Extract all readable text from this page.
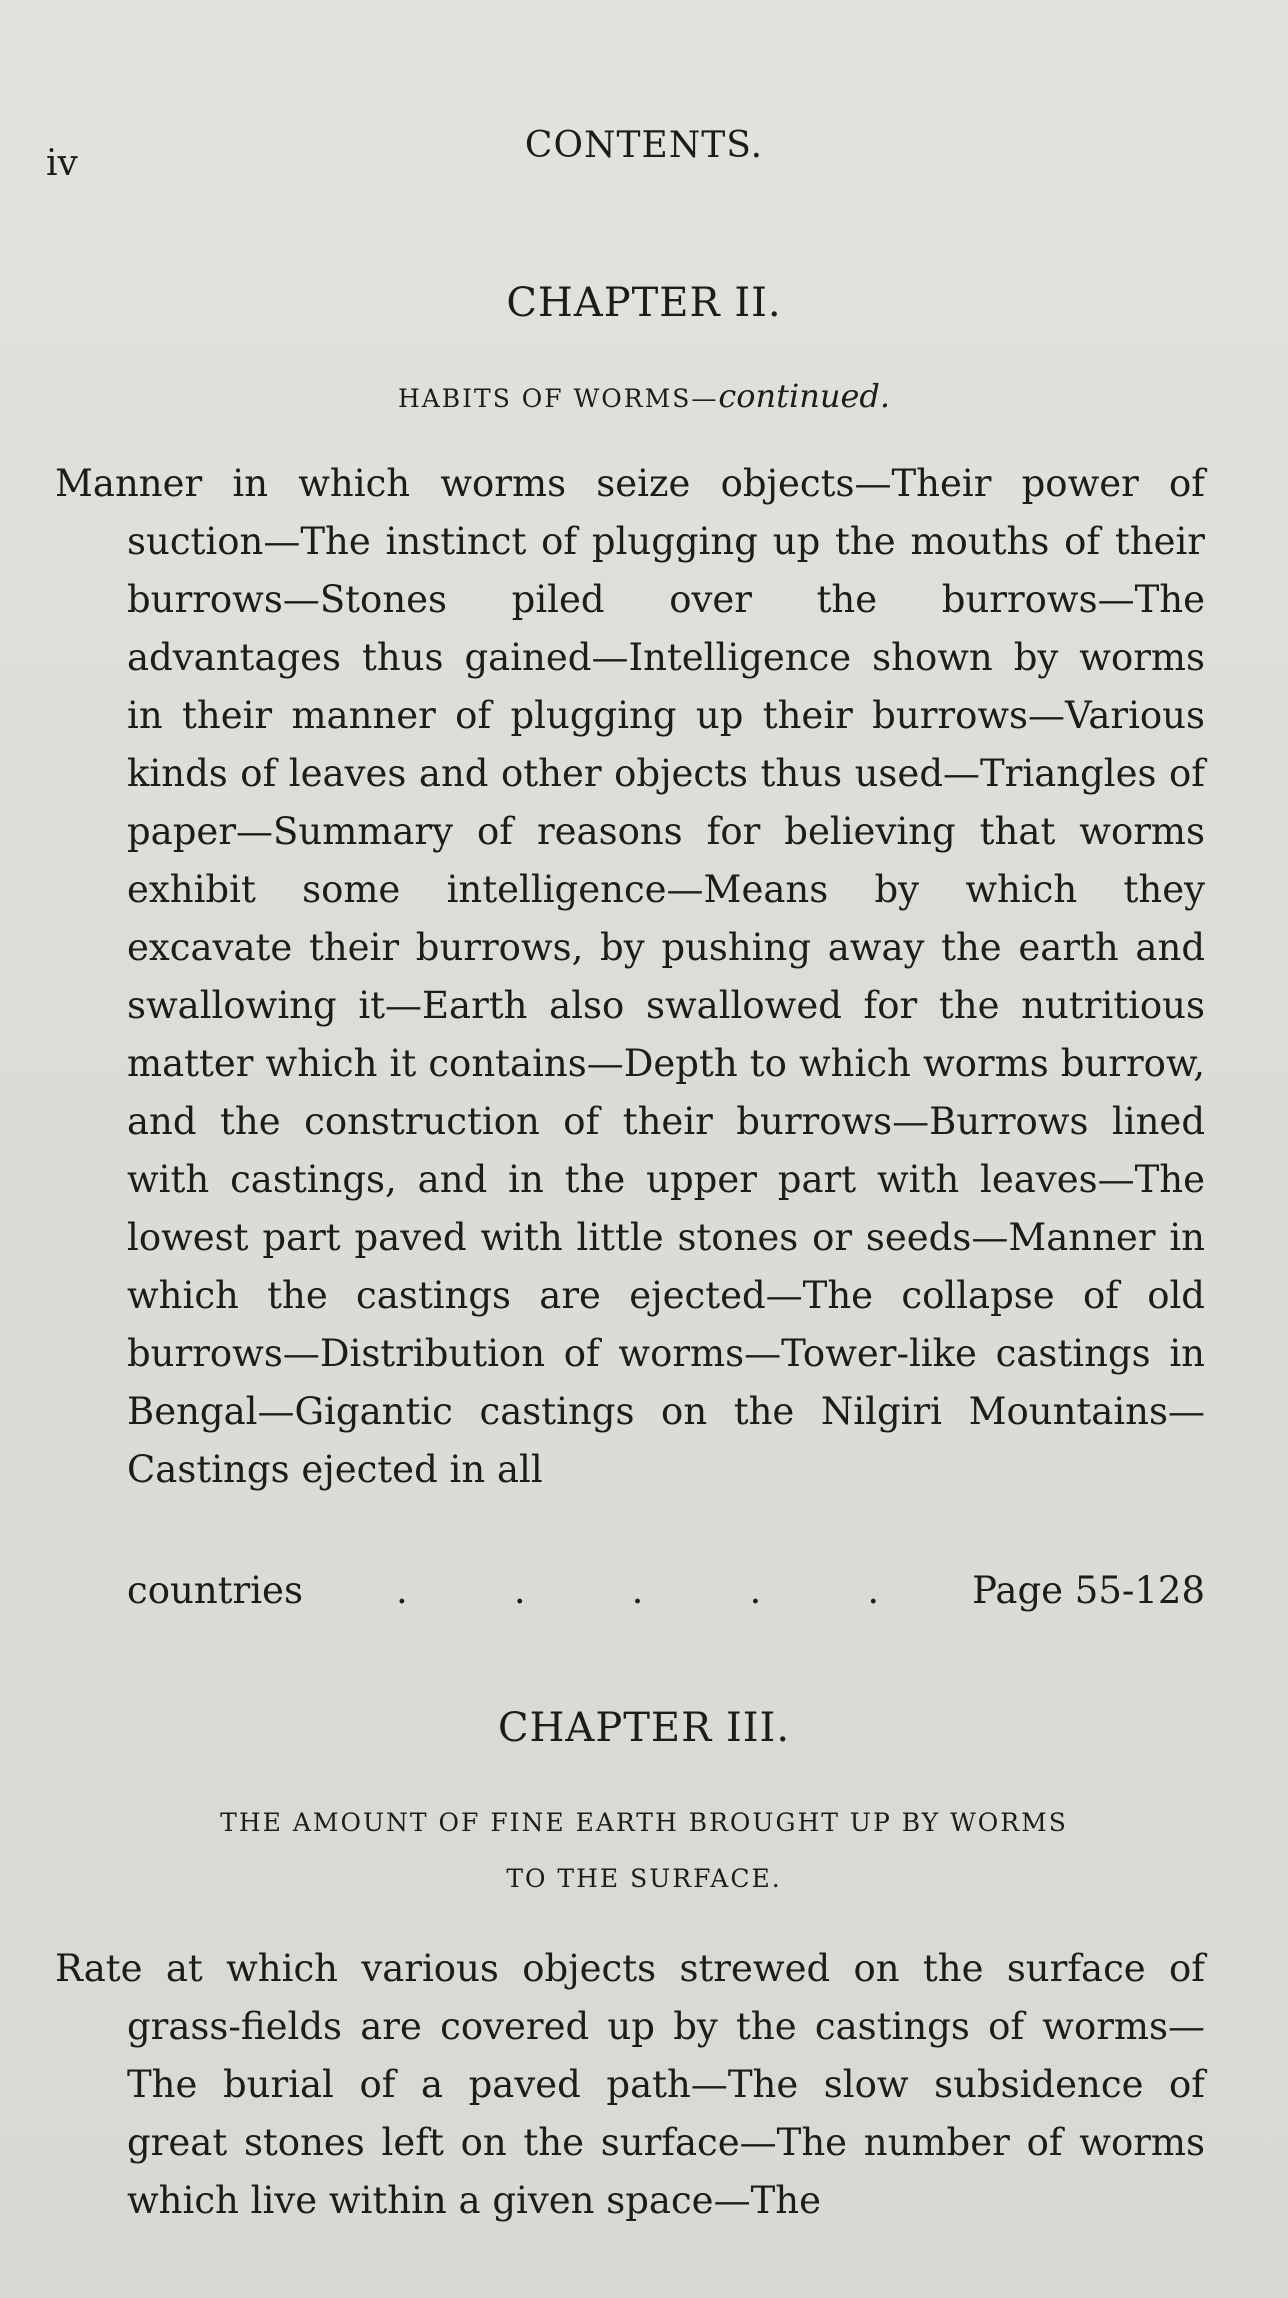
iv	CONTENTS.
CHAPTER II.
HABITS OF WORMS—continued.
Manner in which worms seize objects—Their power of suction—The instinct of plugging up the mouths of their burrows—Stones piled over the burrows—The advantages thus gained—Intelligence shown by worms in their manner of plugging up their burrows—Various kinds of leaves and other objects thus used—Triangles of paper—Summary of reasons for believing that worms exhibit some intelligence—Means by which they excavate their burrows, by pushing away the earth and swallowing it—Earth also swallowed for the nutritious matter which it contains—Depth to which worms burrow, and the construction of their burrows—Burrows lined with castings, and in the upper part with leaves—The lowest part paved with little stones or seeds—Manner in which the castings are ejected—The collapse of old burrows—Distribution of worms—Tower-like castings in Bengal—Gigantic castings on the Nilgiri Mountains—Castings ejected in all
countries	.	.	.	.	.	Page 55-128
CHAPTER III.
THE AMOUNT OF FINE EARTH BROUGHT UP BY WORMS
TO THE SURFACE.
Rate at which various objects strewed on the surface of grass-fields are covered up by the castings of worms—The burial of a paved path—The slow subsidence of great stones left on the surface—The number of worms which live within a given space—The
